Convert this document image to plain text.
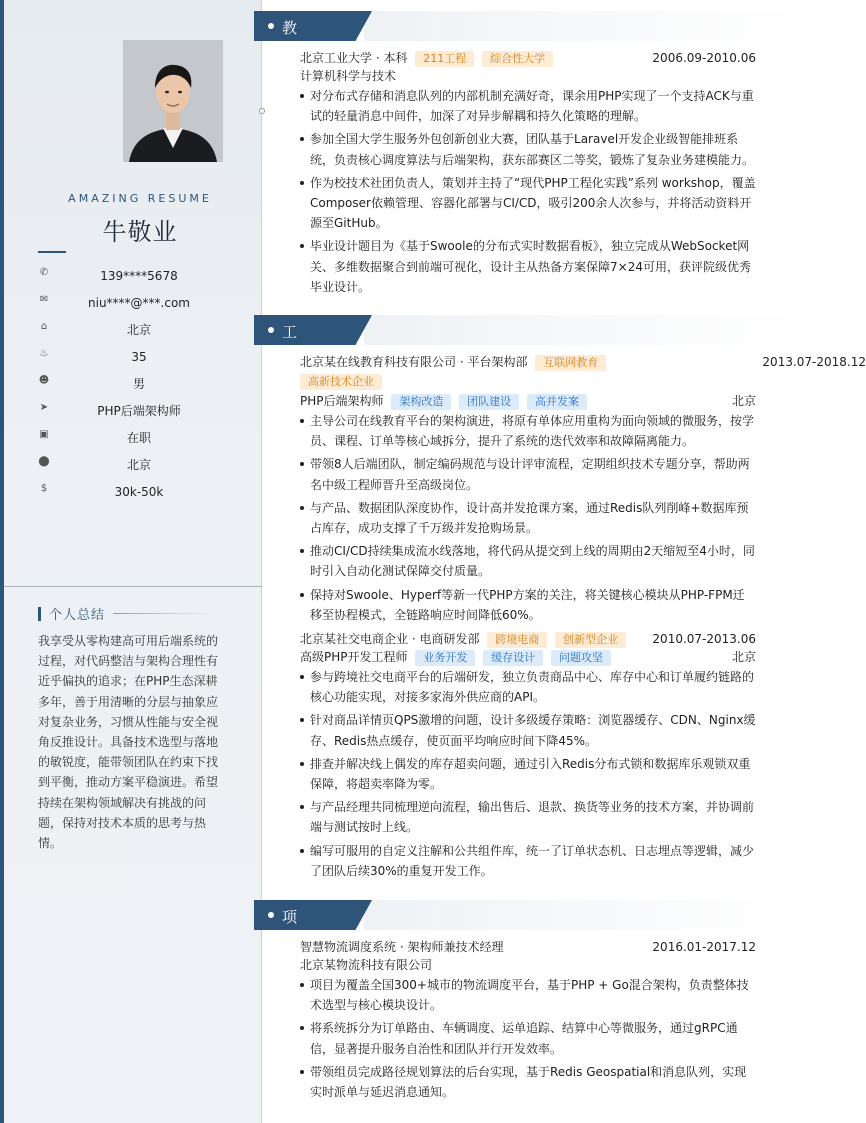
AMAZING RESUME
牛敬业
✆	139****5678
✉	niu****@***.com
⌂	北京
♨	35
☻	男
➤	PHP后端架构师
▣	在职
⬤	北京
$	30k-50k
个人总结

我享受从零构建高可用后端系统的过程，对代码整洁与架构合理性有近乎偏执的追求；在PHP生态深耕多年，善于用清晰的分层与抽象应对复杂业务，习惯从性能与安全视角反推设计。具备技术选型与落地的敏锐度，能带领团队在约束下找到平衡，推动方案平稳演进。希望持续在架构领域解决有挑战的问题，保持对技术本质的思考与热情。

教育经历
北京工业大学 · 本科 211工程 综合性大学	2006.09-2010.06
计算机科学与技术
对分布式存储和消息队列的内部机制充满好奇，课余用PHP实现了一个支持ACK与重试的轻量消息中间件，加深了对异步解耦和持久化策略的理解。
参加全国大学生服务外包创新创业大赛，团队基于Laravel开发企业级智能排班系统，负责核心调度算法与后端架构，获东部赛区二等奖，锻炼了复杂业务建模能力。
作为校技术社团负责人，策划并主持了“现代PHP工程化实践”系列 workshop，覆盖Composer依赖管理、容器化部署与CI/CD，吸引200余人次参与，并将活动资料开源至GitHub。
毕业设计题目为《基于Swoole的分布式实时数据看板》，独立完成从WebSocket网关、多维数据聚合到前端可视化，设计主从热备方案保障7×24可用，获评院级优秀毕业设计。
工作经历
北京某在线教育科技有限公司 · 平台架构部 互联网教育 高新技术企业
2013.07-2018.12
PHP后端架构师 架构改造 团队建设 高并发案	北京
主导公司在线教育平台的架构演进，将原有单体应用重构为面向领域的微服务，按学员、课程、订单等核心域拆分，提升了系统的迭代效率和故障隔离能力。
带领8人后端团队，制定编码规范与设计评审流程，定期组织技术专题分享，帮助两名中级工程师晋升至高级岗位。
与产品、数据团队深度协作，设计高并发抢课方案，通过Redis队列削峰+数据库预占库存，成功支撑了千万级并发抢购场景。
推动CI/CD持续集成流水线落地，将代码从提交到上线的周期由2天缩短至4小时，同时引入自动化测试保障交付质量。
保持对Swoole、Hyperf等新一代PHP方案的关注，将关键核心模块从PHP-FPM迁移至协程模式，全链路响应时间降低60%。
北京某社交电商企业 · 电商研发部 跨境电商 创新型企业	2010.07-2013.06
高级PHP开发工程师 业务开发 缓存设计 问题攻坚	北京
参与跨境社交电商平台的后端研发，独立负责商品中心、库存中心和订单履约链路的核心功能实现，对接多家海外供应商的API。
针对商品详情页QPS激增的问题，设计多级缓存策略：浏览器缓存、CDN、Nginx缓存、Redis热点缓存，使页面平均响应时间下降45%。
排查并解决线上偶发的库存超卖问题，通过引入Redis分布式锁和数据库乐观锁双重保障，将超卖率降为零。
与产品经理共同梳理逆向流程，输出售后、退款、换货等业务的技术方案，并协调前端与测试按时上线。
编写可服用的自定义注解和公共组件库，统一了订单状态机、日志埋点等逻辑，减少了团队后续30%的重复开发工作。
项目经历
智慧物流调度系统 · 架构师兼技术经理	2016.01-2017.12
北京某物流科技有限公司
项目为覆盖全国300+城市的物流调度平台，基于PHP + Go混合架构，负责整体技术选型与核心模块设计。
将系统拆分为订单路由、车辆调度、运单追踪、结算中心等微服务，通过gRPC通信，显著提升服务自治性和团队并行开发效率。
带领组员完成路径规划算法的后台实现，基于Redis Geospatial和消息队列，实现实时派单与延迟消息通知。
